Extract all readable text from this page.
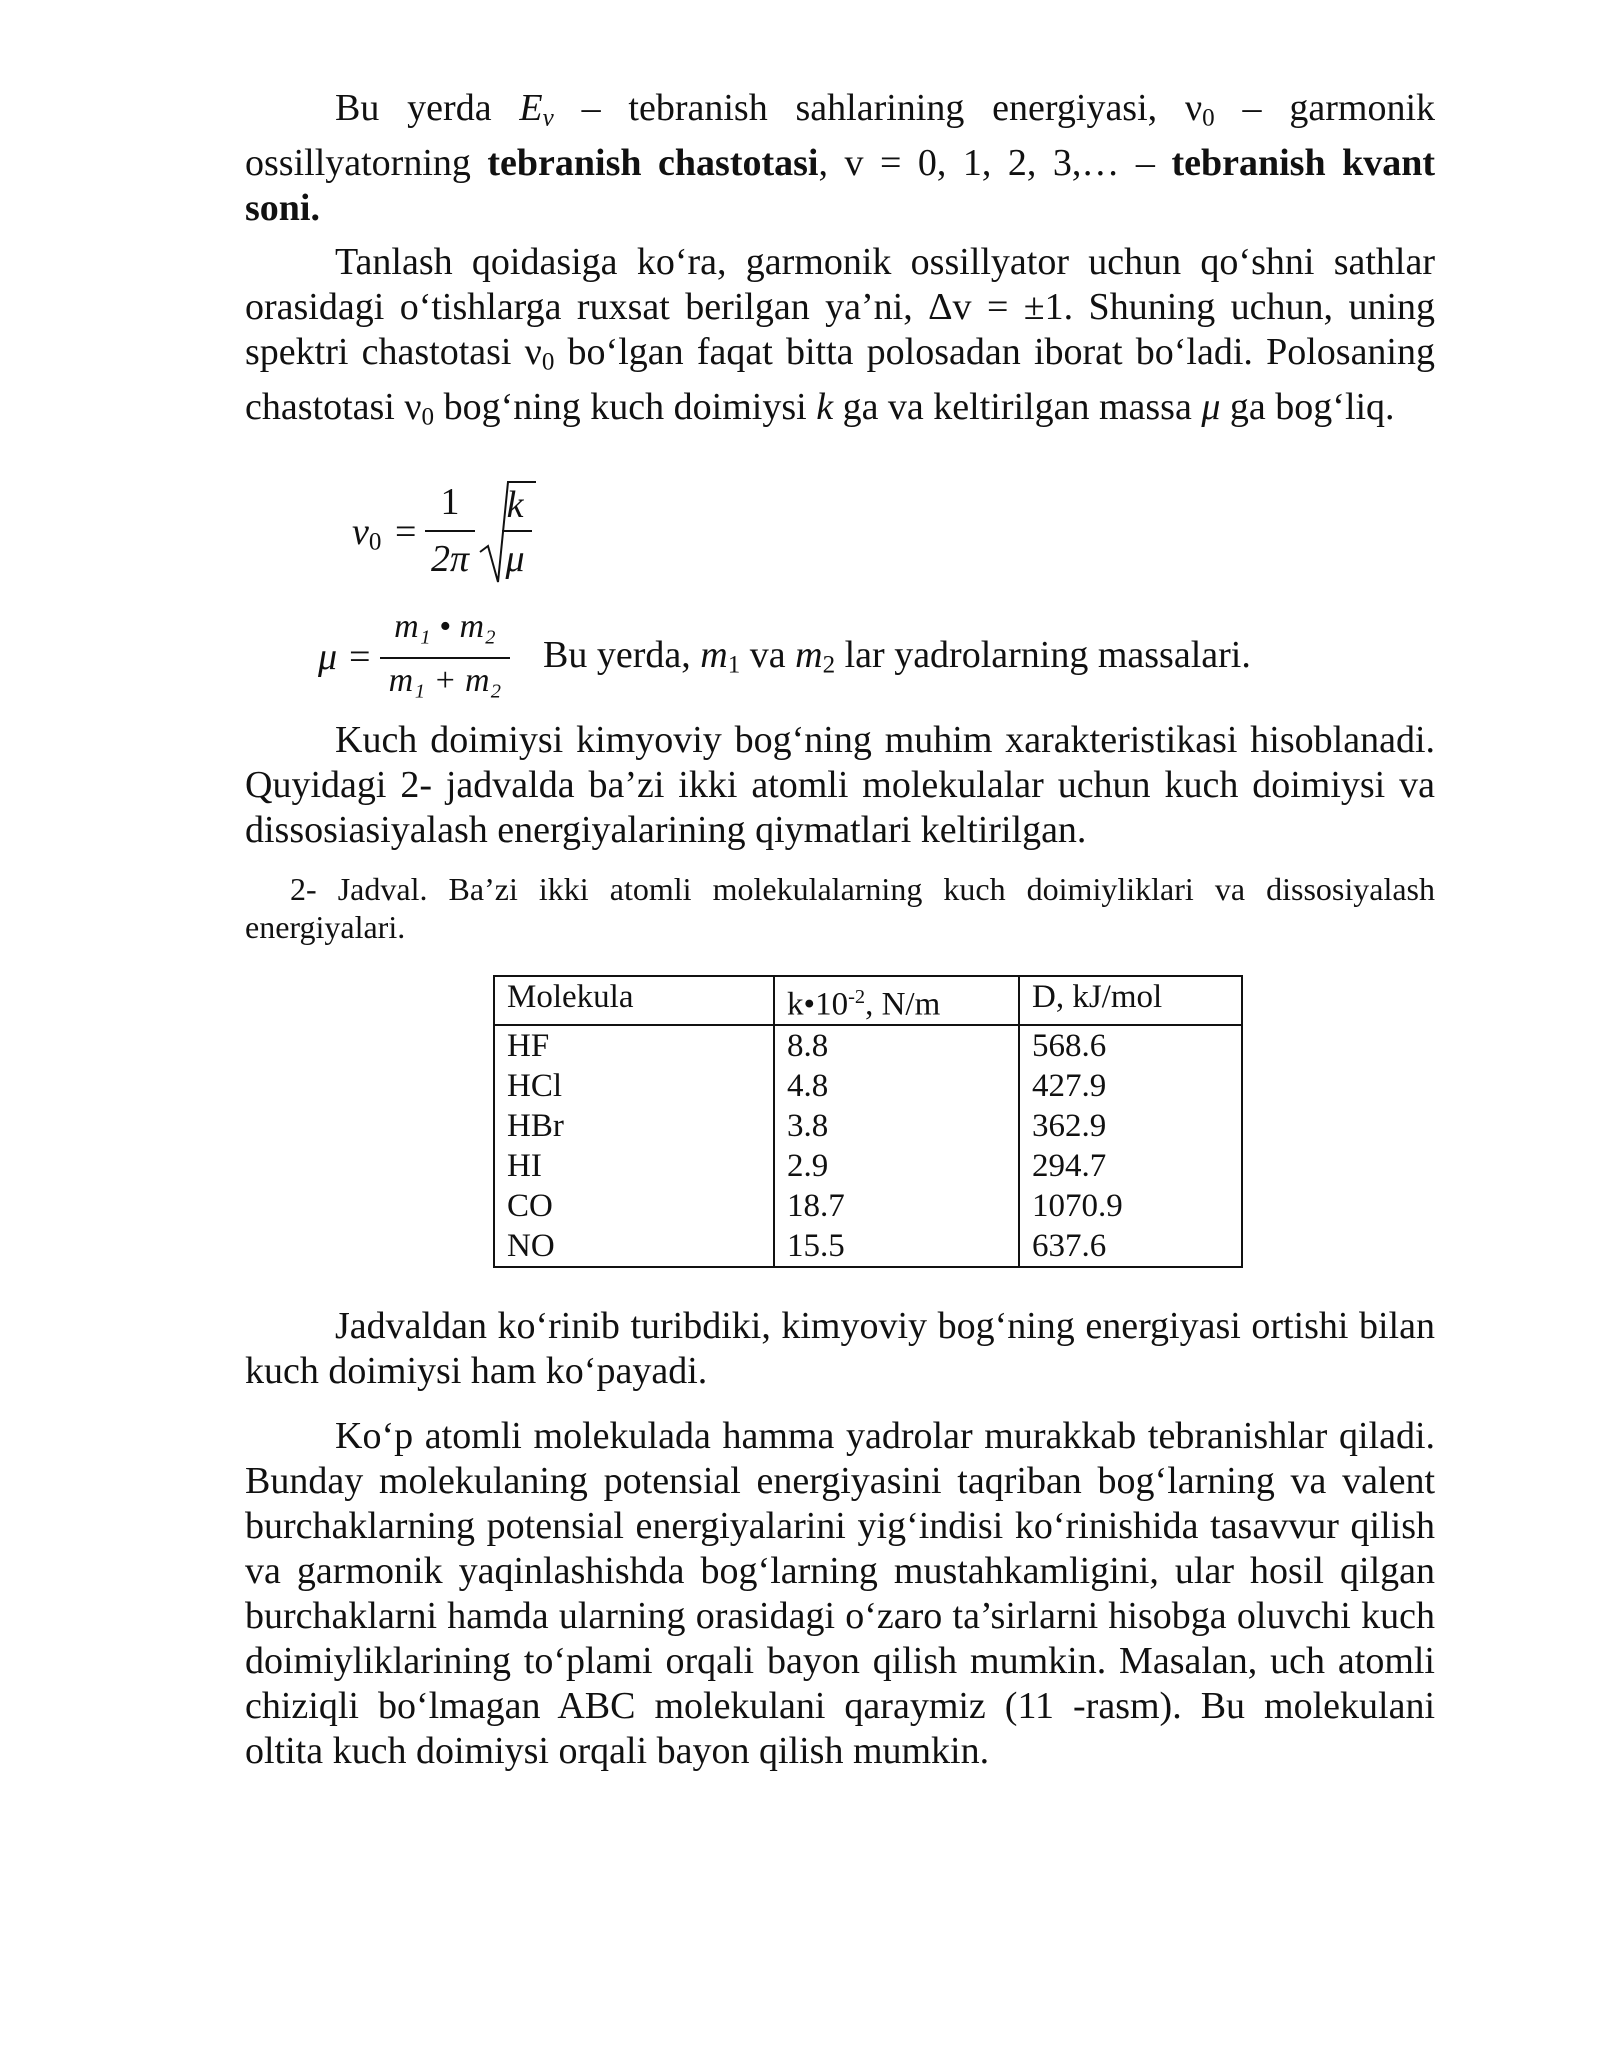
Bu yerda $E_v$ – tebranish sahlarining energiyasi, $\nu_0$ – garmonik ossillyatorning tebranish chastotasi, v = 0, 1, 2, 3,… – tebranish kvant soni.

Tanlash qoidasiga ko‘ra, garmonik ossillyator uchun qo‘shni sathlar orasidagi o‘tishlarga ruxsat berilgan ya’ni, Δv = ±1. Shuning uchun, uning spektri chastotasi $\nu_0$ bo‘lgan faqat bitta polosadan iborat bo‘ladi. Polosaning chastotasi $\nu_0$ bog‘ning kuch doimiysi k ga va keltirilgan massa μ ga bog‘liq.

$\nu_0$ =
1
2π
k
μ
μ =
m₁ • m₂
m₁ + m₂
Bu yerda, $m_1$ va $m_2$ lar yadrolarning massalari.

Kuch doimiysi kimyoviy bog‘ning muhim xarakteristikasi hisoblanadi. Quyidagi 2- jadvalda ba’zi ikki atomli molekulalar uchun kuch doimiysi va dissosiasiyalash energiyalarining qiymatlari keltirilgan.

2- Jadval. Ba’zi ikki atomli molekulalarning kuch doimiyliklari va dissosiyalash energiyalari.

Molekula	$k•10^{-2}$, N/m	D, kJ/mol
HF	8.8	568.6
HCl	4.8	427.9
HBr	3.8	362.9
HI	2.9	294.7
CO	18.7	1070.9
NO	15.5	637.6

Jadvaldan ko‘rinib turibdiki, kimyoviy bog‘ning energiyasi ortishi bilan kuch doimiysi ham ko‘payadi.

Ko‘p atomli molekulada hamma yadrolar murakkab tebranishlar qiladi. Bunday molekulaning potensial energiyasini taqriban bog‘larning va valent burchaklarning potensial energiyalarini yig‘indisi ko‘rinishida tasavvur qilish va garmonik yaqinlashishda bog‘larning mustahkamligini, ular hosil qilgan burchaklarni hamda ularning orasidagi o‘zaro ta’sirlarni hisobga oluvchi kuch doimiyliklarining to‘plami orqali bayon qilish mumkin. Masalan, uch atomli chiziqli bo‘lmagan ABC molekulani qaraymiz (11 -rasm). Bu molekulani oltita kuch doimiysi orqali bayon qilish mumkin.
